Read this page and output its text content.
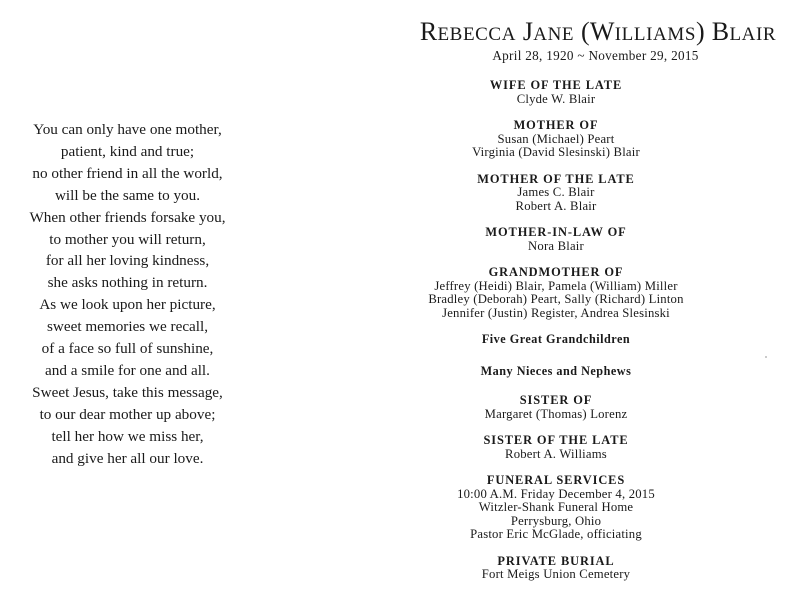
You can only have one mother,
patient, kind and true;
no other friend in all the world,
will be the same to you.
When other friends forsake you,
to mother you will return,
for all her loving kindness,
she asks nothing in return.
As we look upon her picture,
sweet memories we recall,
of a face so full of sunshine,
and a smile for one and all.
Sweet Jesus, take this message,
to our dear mother up above;
tell her how we miss her,
and give her all our love.
REBECCA JANE (WILLIAMS) BLAIR
April 28, 1920 ~ November 29, 2015
WIFE OF THE LATE
Clyde W. Blair
MOTHER OF
Susan (Michael) Peart
Virginia (David Slesinski) Blair
MOTHER OF THE LATE
James C. Blair
Robert A. Blair
MOTHER-IN-LAW OF
Nora Blair
GRANDMOTHER OF
Jeffrey (Heidi) Blair, Pamela (William) Miller
Bradley (Deborah) Peart, Sally (Richard) Linton
Jennifer (Justin) Register, Andrea Slesinski
Five Great Grandchildren
Many Nieces and Nephews
SISTER OF
Margaret (Thomas) Lorenz
SISTER OF THE LATE
Robert A. Williams
FUNERAL SERVICES
10:00 A.M. Friday December 4, 2015
Witzler-Shank Funeral Home
Perrysburg, Ohio
Pastor Eric McGlade, officiating
PRIVATE BURIAL
Fort Meigs Union Cemetery
